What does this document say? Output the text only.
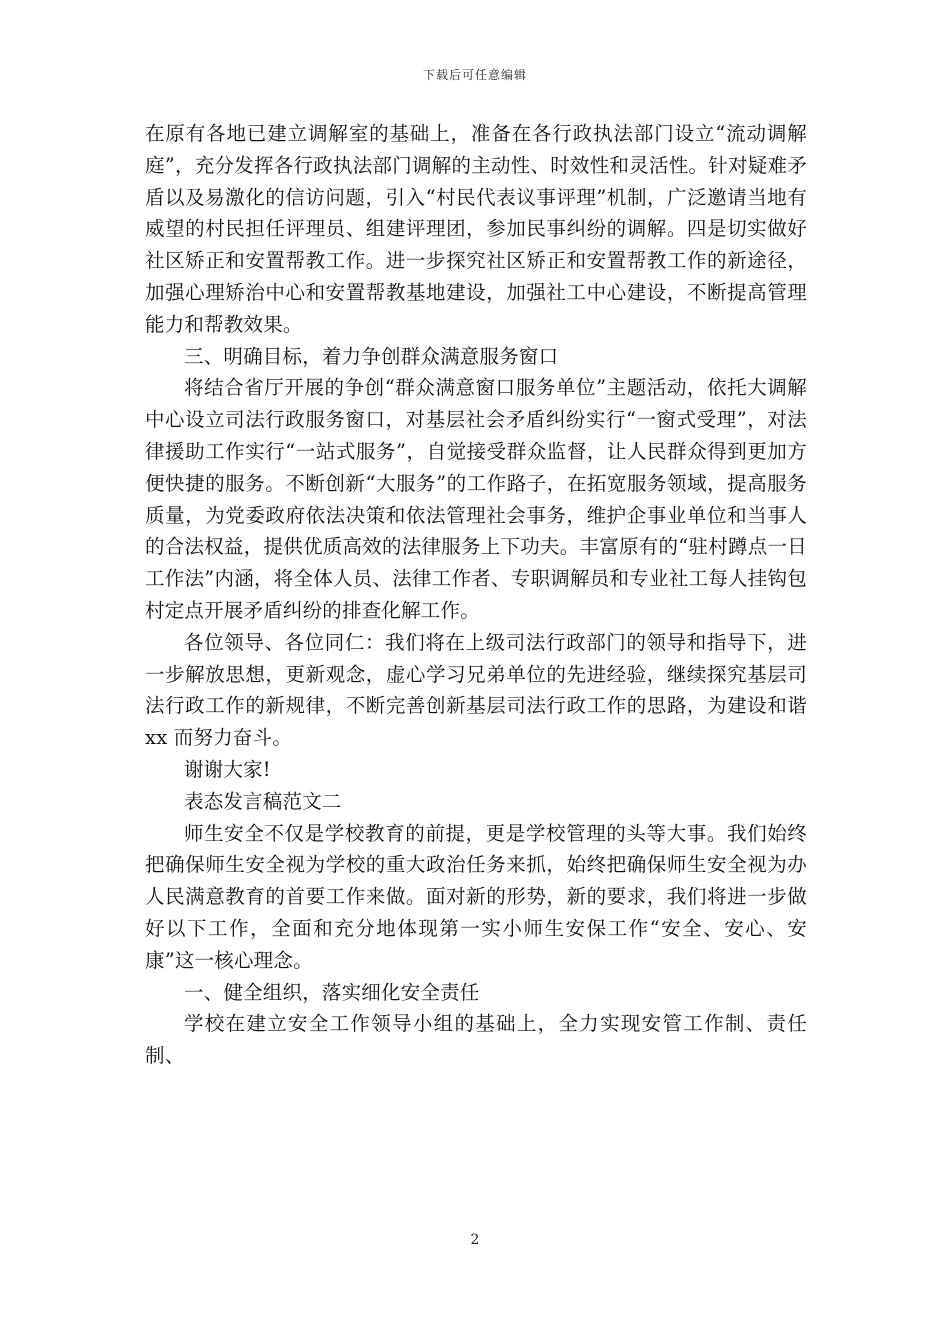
下载后可任意编辑

在原有各地已建立调解室的基础上，准备在各行政执法部门设立“流动调解庭”，充分发挥各行政执法部门调解的主动性、时效性和灵活性。针对疑难矛盾以及易激化的信访问题，引入“村民代表议事评理”机制，广泛邀请当地有威望的村民担任评理员、组建评理团，参加民事纠纷的调解。四是切实做好社区矫正和安置帮教工作。进一步探究社区矫正和安置帮教工作的新途径，加强心理矫治中心和安置帮教基地建设，加强社工中心建设，不断提高管理能力和帮教效果。

三、明确目标，着力争创群众满意服务窗口

将结合省厅开展的争创“群众满意窗口服务单位”主题活动，依托大调解中心设立司法行政服务窗口，对基层社会矛盾纠纷实行“一窗式受理”，对法律援助工作实行“一站式服务”，自觉接受群众监督，让人民群众得到更加方便快捷的服务。不断创新“大服务”的工作路子，在拓宽服务领域，提高服务质量，为党委政府依法决策和依法管理社会事务，维护企事业单位和当事人的合法权益，提供优质高效的法律服务上下功夫。丰富原有的“驻村蹲点一日工作法”内涵，将全体人员、法律工作者、专职调解员和专业社工每人挂钩包村定点开展矛盾纠纷的排查化解工作。

各位领导、各位同仁：我们将在上级司法行政部门的领导和指导下，进一步解放思想，更新观念，虚心学习兄弟单位的先进经验，继续探究基层司法行政工作的新规律，不断完善创新基层司法行政工作的思路，为建设和谐 xx 而努力奋斗。

谢谢大家!

表态发言稿范文二

师生安全不仅是学校教育的前提，更是学校管理的头等大事。我们始终把确保师生安全视为学校的重大政治任务来抓，始终把确保师生安全视为办人民满意教育的首要工作来做。面对新的形势，新的要求，我们将进一步做好以下工作，全面和充分地体现第一实小师生安保工作“安全、安心、安康”这一核心理念。

一、健全组织，落实细化安全责任

学校在建立安全工作领导小组的基础上，全力实现安管工作制、责任制、

2
